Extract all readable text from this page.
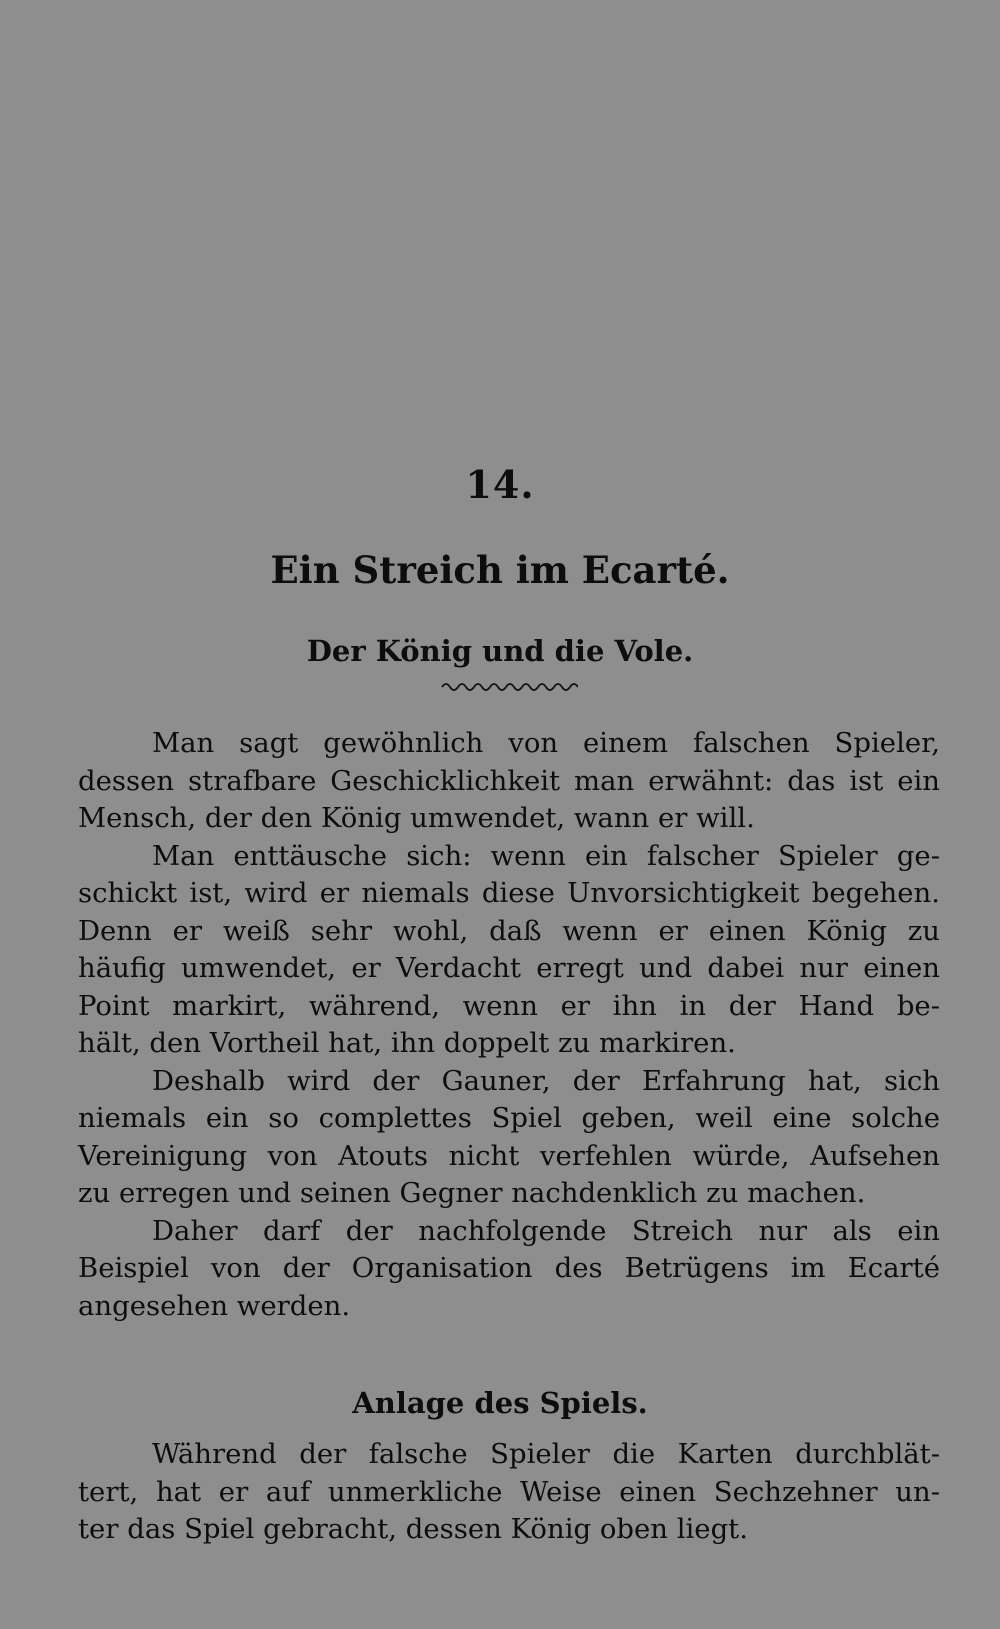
14.
Ein Streich im Ecarté.
Der König und die Vole.
Man sagt gewöhnlich von einem falschen Spieler,
dessen strafbare Geschicklichkeit man erwähnt: das ist ein
Mensch, der den König umwendet, wann er will.
Man enttäusche sich: wenn ein falscher Spieler ge-
schickt ist, wird er niemals diese Unvorsichtigkeit begehen.
Denn er weiß sehr wohl, daß wenn er einen König zu
häufig umwendet, er Verdacht erregt und dabei nur einen
Point markirt, während, wenn er ihn in der Hand be-
hält, den Vortheil hat, ihn doppelt zu markiren.
Deshalb wird der Gauner, der Erfahrung hat, sich
niemals ein so complettes Spiel geben, weil eine solche
Vereinigung von Atouts nicht verfehlen würde, Aufsehen
zu erregen und seinen Gegner nachdenklich zu machen.
Daher darf der nachfolgende Streich nur als ein
Beispiel von der Organisation des Betrügens im Ecarté
angesehen werden.
Anlage des Spiels.
Während der falsche Spieler die Karten durchblät-
tert, hat er auf unmerkliche Weise einen Sechzehner un-
ter das Spiel gebracht, dessen König oben liegt.
